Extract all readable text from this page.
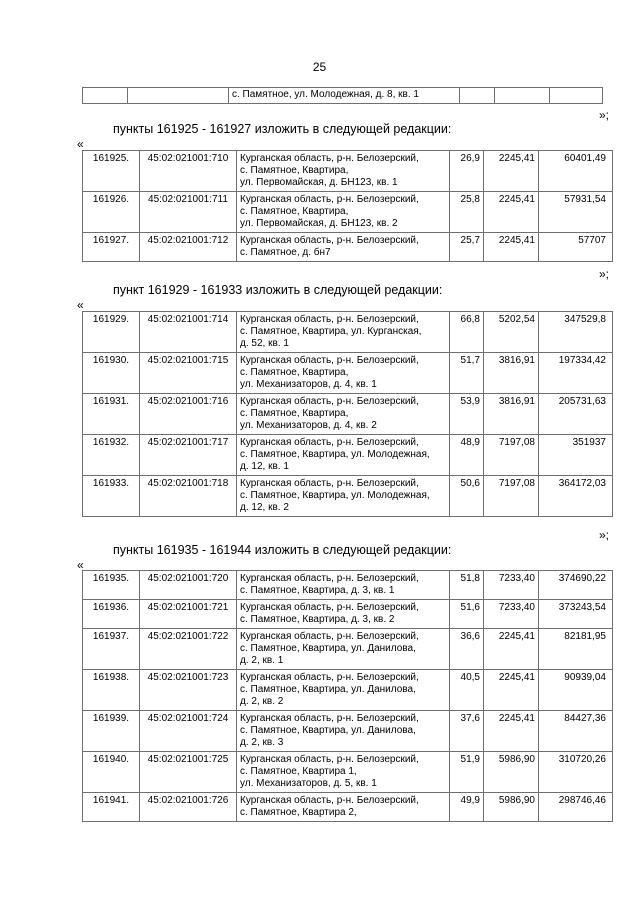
25
		с. Памятное, ул. Молодежная, д. 8, кв. 1			
»;
пункты 161925 - 161927 изложить в следующей редакции:
«
161925.	45:02:021001:710	Курганская область, р-н. Белозерский,
с. Памятное, Квартира,
ул. Первомайская, д. БН123, кв. 1	26,9	2245,41	60401,49
161926.	45:02:021001:711	Курганская область, р-н. Белозерский,
с. Памятное, Квартира,
ул. Первомайская, д. БН123, кв. 2	25,8	2245,41	57931,54
161927.	45:02:021001:712	Курганская область, р-н. Белозерский,
с. Памятное, д. бн7	25,7	2245,41	57707
»;
пункт 161929 - 161933 изложить в следующей редакции:
«
161929.	45:02:021001:714	Курганская область, р-н. Белозерский,
с. Памятное, Квартира, ул. Курганская,
д. 52, кв. 1	66,8	5202,54	347529,8
161930.	45:02:021001:715	Курганская область, р-н. Белозерский,
с. Памятное, Квартира,
ул. Механизаторов, д. 4, кв. 1	51,7	3816,91	197334,42
161931.	45:02:021001:716	Курганская область, р-н. Белозерский,
с. Памятное, Квартира,
ул. Механизаторов, д. 4, кв. 2	53,9	3816,91	205731,63
161932.	45:02:021001:717	Курганская область, р-н. Белозерский,
с. Памятное, Квартира, ул. Молодежная,
д. 12, кв. 1	48,9	7197,08	351937
161933.	45:02:021001:718	Курганская область, р-н. Белозерский,
с. Памятное, Квартира, ул. Молодежная,
д. 12, кв. 2	50,6	7197,08	364172,03
»;
пункты 161935 - 161944 изложить в следующей редакции:
«
161935.	45:02:021001:720	Курганская область, р-н. Белозерский,
с. Памятное, Квартира, д. 3, кв. 1	51,8	7233,40	374690,22
161936.	45:02:021001:721	Курганская область, р-н. Белозерский,
с. Памятное, Квартира, д. 3, кв. 2	51,6	7233,40	373243,54
161937.	45:02:021001:722	Курганская область, р-н. Белозерский,
с. Памятное, Квартира, ул. Данилова,
д. 2, кв. 1	36,6	2245,41	82181,95
161938.	45:02:021001:723	Курганская область, р-н. Белозерский,
с. Памятное, Квартира, ул. Данилова,
д. 2, кв. 2	40,5	2245,41	90939,04
161939.	45:02:021001:724	Курганская область, р-н. Белозерский,
с. Памятное, Квартира, ул. Данилова,
д. 2, кв. 3	37,6	2245,41	84427,36
161940.	45:02:021001:725	Курганская область, р-н. Белозерский,
с. Памятное, Квартира 1,
ул. Механизаторов, д. 5, кв. 1	51,9	5986,90	310720,26
161941.	45:02:021001:726	Курганская область, р-н. Белозерский,
с. Памятное, Квартира 2,	49,9	5986,90	298746,46
